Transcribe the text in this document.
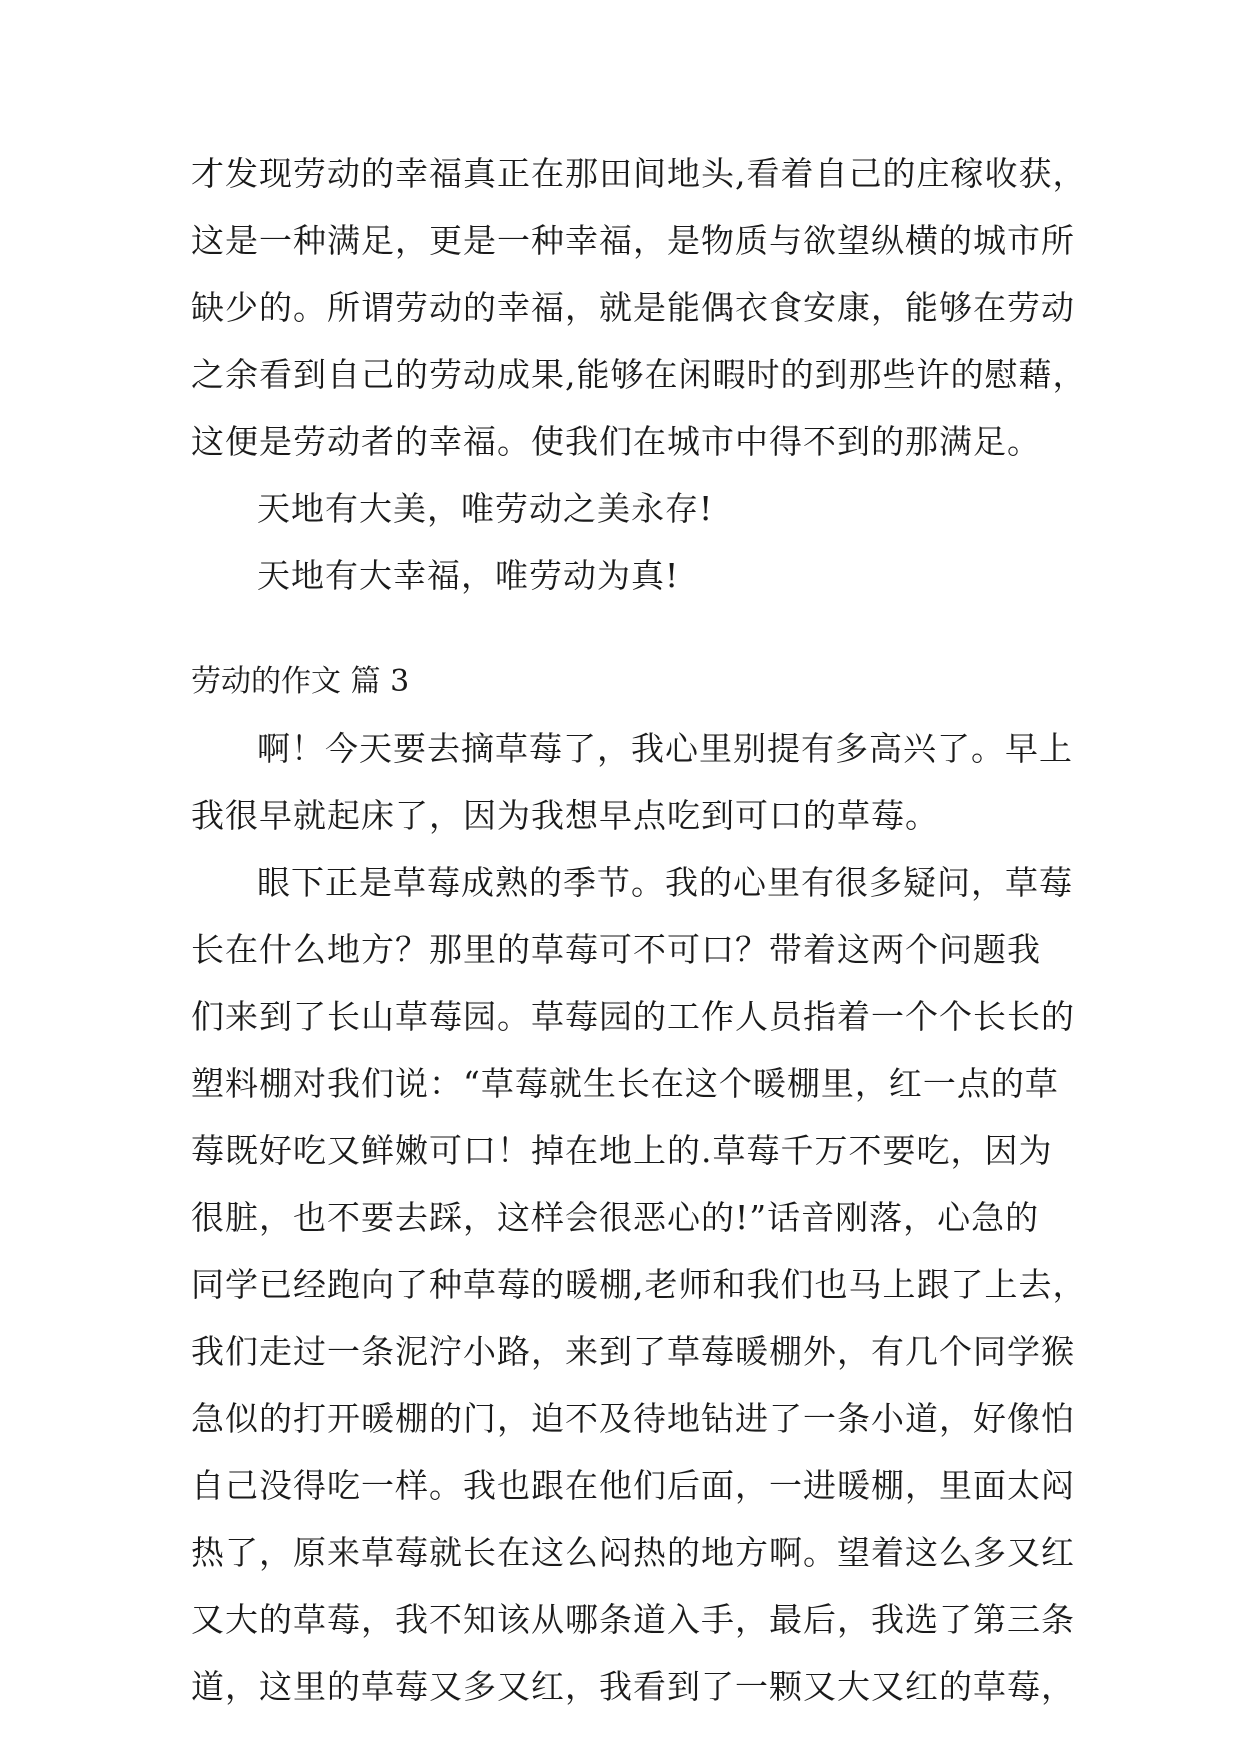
才发现劳动的幸福真正在那田间地头,看着自己的庄稼收获，
这是一种满足，更是一种幸福，是物质与欲望纵横的城市所
缺少的。所谓劳动的幸福，就是能偶衣食安康，能够在劳动
之余看到自己的劳动成果,能够在闲暇时的到那些许的慰藉，
这便是劳动者的幸福。使我们在城市中得不到的那满足。
天地有大美，唯劳动之美永存!
天地有大幸福，唯劳动为真!
劳动的作文 篇 3
啊！今天要去摘草莓了，我心里别提有多高兴了。早上
我很早就起床了，因为我想早点吃到可口的草莓。
眼下正是草莓成熟的季节。我的心里有很多疑问，草莓
长在什么地方？那里的草莓可不可口？带着这两个问题我
们来到了长山草莓园。草莓园的工作人员指着一个个长长的
塑料棚对我们说：“草莓就生长在这个暖棚里，红一点的草
莓既好吃又鲜嫩可口！掉在地上的.草莓千万不要吃，因为
很脏，也不要去踩，这样会很恶心的!”话音刚落，心急的
同学已经跑向了种草莓的暖棚,老师和我们也马上跟了上去，
我们走过一条泥泞小路，来到了草莓暖棚外，有几个同学猴
急似的打开暖棚的门，迫不及待地钻进了一条小道，好像怕
自己没得吃一样。我也跟在他们后面，一进暖棚，里面太闷
热了，原来草莓就长在这么闷热的地方啊。望着这么多又红
又大的草莓，我不知该从哪条道入手，最后，我选了第三条
道，这里的草莓又多又红，我看到了一颗又大又红的草莓，
